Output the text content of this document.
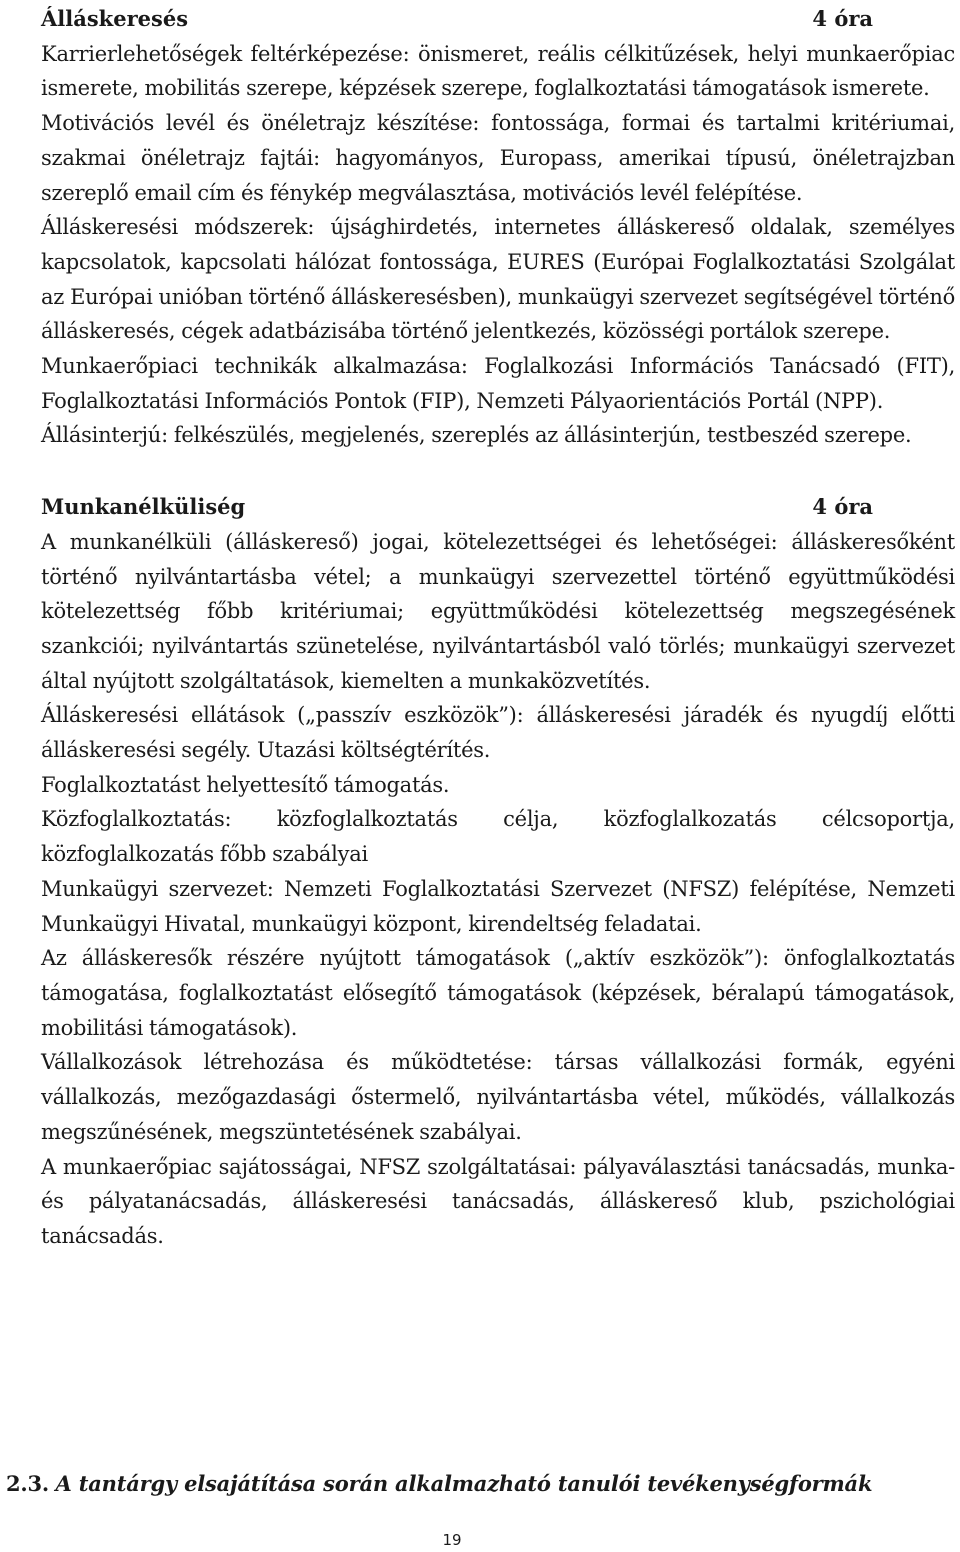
Álláskeresés	4 óra

Karrierlehetőségek feltérképezése: önismeret, reális célkitűzések, helyi munkaerőpiac ismerete, mobilitás szerepe, képzések szerepe, foglalkoztatási támogatások ismerete.

Motivációs levél és önéletrajz készítése: fontossága, formai és tartalmi kritériumai, szakmai önéletrajz fajtái: hagyományos, Europass, amerikai típusú, önéletrajzban szereplő email cím és fénykép megválasztása, motivációs levél felépítése.

Álláskeresési módszerek: újsághirdetés, internetes álláskereső oldalak, személyes kapcsolatok, kapcsolati hálózat fontossága, EURES (Európai Foglalkoztatási Szolgálat az Európai unióban történő álláskeresésben), munkaügyi szervezet segítségével történő álláskeresés, cégek adatbázisába történő jelentkezés, közösségi portálok szerepe.

Munkaerőpiaci technikák alkalmazása: Foglalkozási Információs Tanácsadó (FIT), Foglalkoztatási Információs Pontok (FIP), Nemzeti Pályaorientációs Portál (NPP).

Állásinterjú: felkészülés, megjelenés, szereplés az állásinterjún, testbeszéd szerepe.

Munkanélküliség	4 óra

A munkanélküli (álláskereső) jogai, kötelezettségei és lehetőségei: álláskeresőként történő nyilvántartásba vétel; a munkaügyi szervezettel történő együttműködési kötelezettség főbb kritériumai; együttműködési kötelezettség megszegésének szankciói; nyilvántartás szünetelése, nyilvántartásból való törlés; munkaügyi szervezet által nyújtott szolgáltatások, kiemelten a munkaközvetítés.

Álláskeresési ellátások („passzív eszközök”): álláskeresési járadék és nyugdíj előtti álláskeresési segély. Utazási költségtérítés.

Foglalkoztatást helyettesítő támogatás.

Közfoglalkoztatás: közfoglalkoztatás célja, közfoglalkozatás célcsoportja, közfoglalkozatás főbb szabályai

Munkaügyi szervezet: Nemzeti Foglalkoztatási Szervezet (NFSZ) felépítése, Nemzeti Munkaügyi Hivatal, munkaügyi központ, kirendeltség feladatai.

Az álláskeresők részére nyújtott támogatások („aktív eszközök”): önfoglalkoztatás támogatása, foglalkoztatást elősegítő támogatások (képzések, béralapú támogatások, mobilitási támogatások).

Vállalkozások létrehozása és működtetése: társas vállalkozási formák, egyéni vállalkozás, mezőgazdasági őstermelő, nyilvántartásba vétel, működés, vállalkozás megszűnésének, megszüntetésének szabályai.

A munkaerőpiac sajátosságai, NFSZ szolgáltatásai: pályaválasztási tanácsadás, munka- és pályatanácsadás, álláskeresési tanácsadás, álláskereső klub, pszichológiai tanácsadás.

2.3. A tantárgy elsajátítása során alkalmazható tanulói tevékenységformák
19
